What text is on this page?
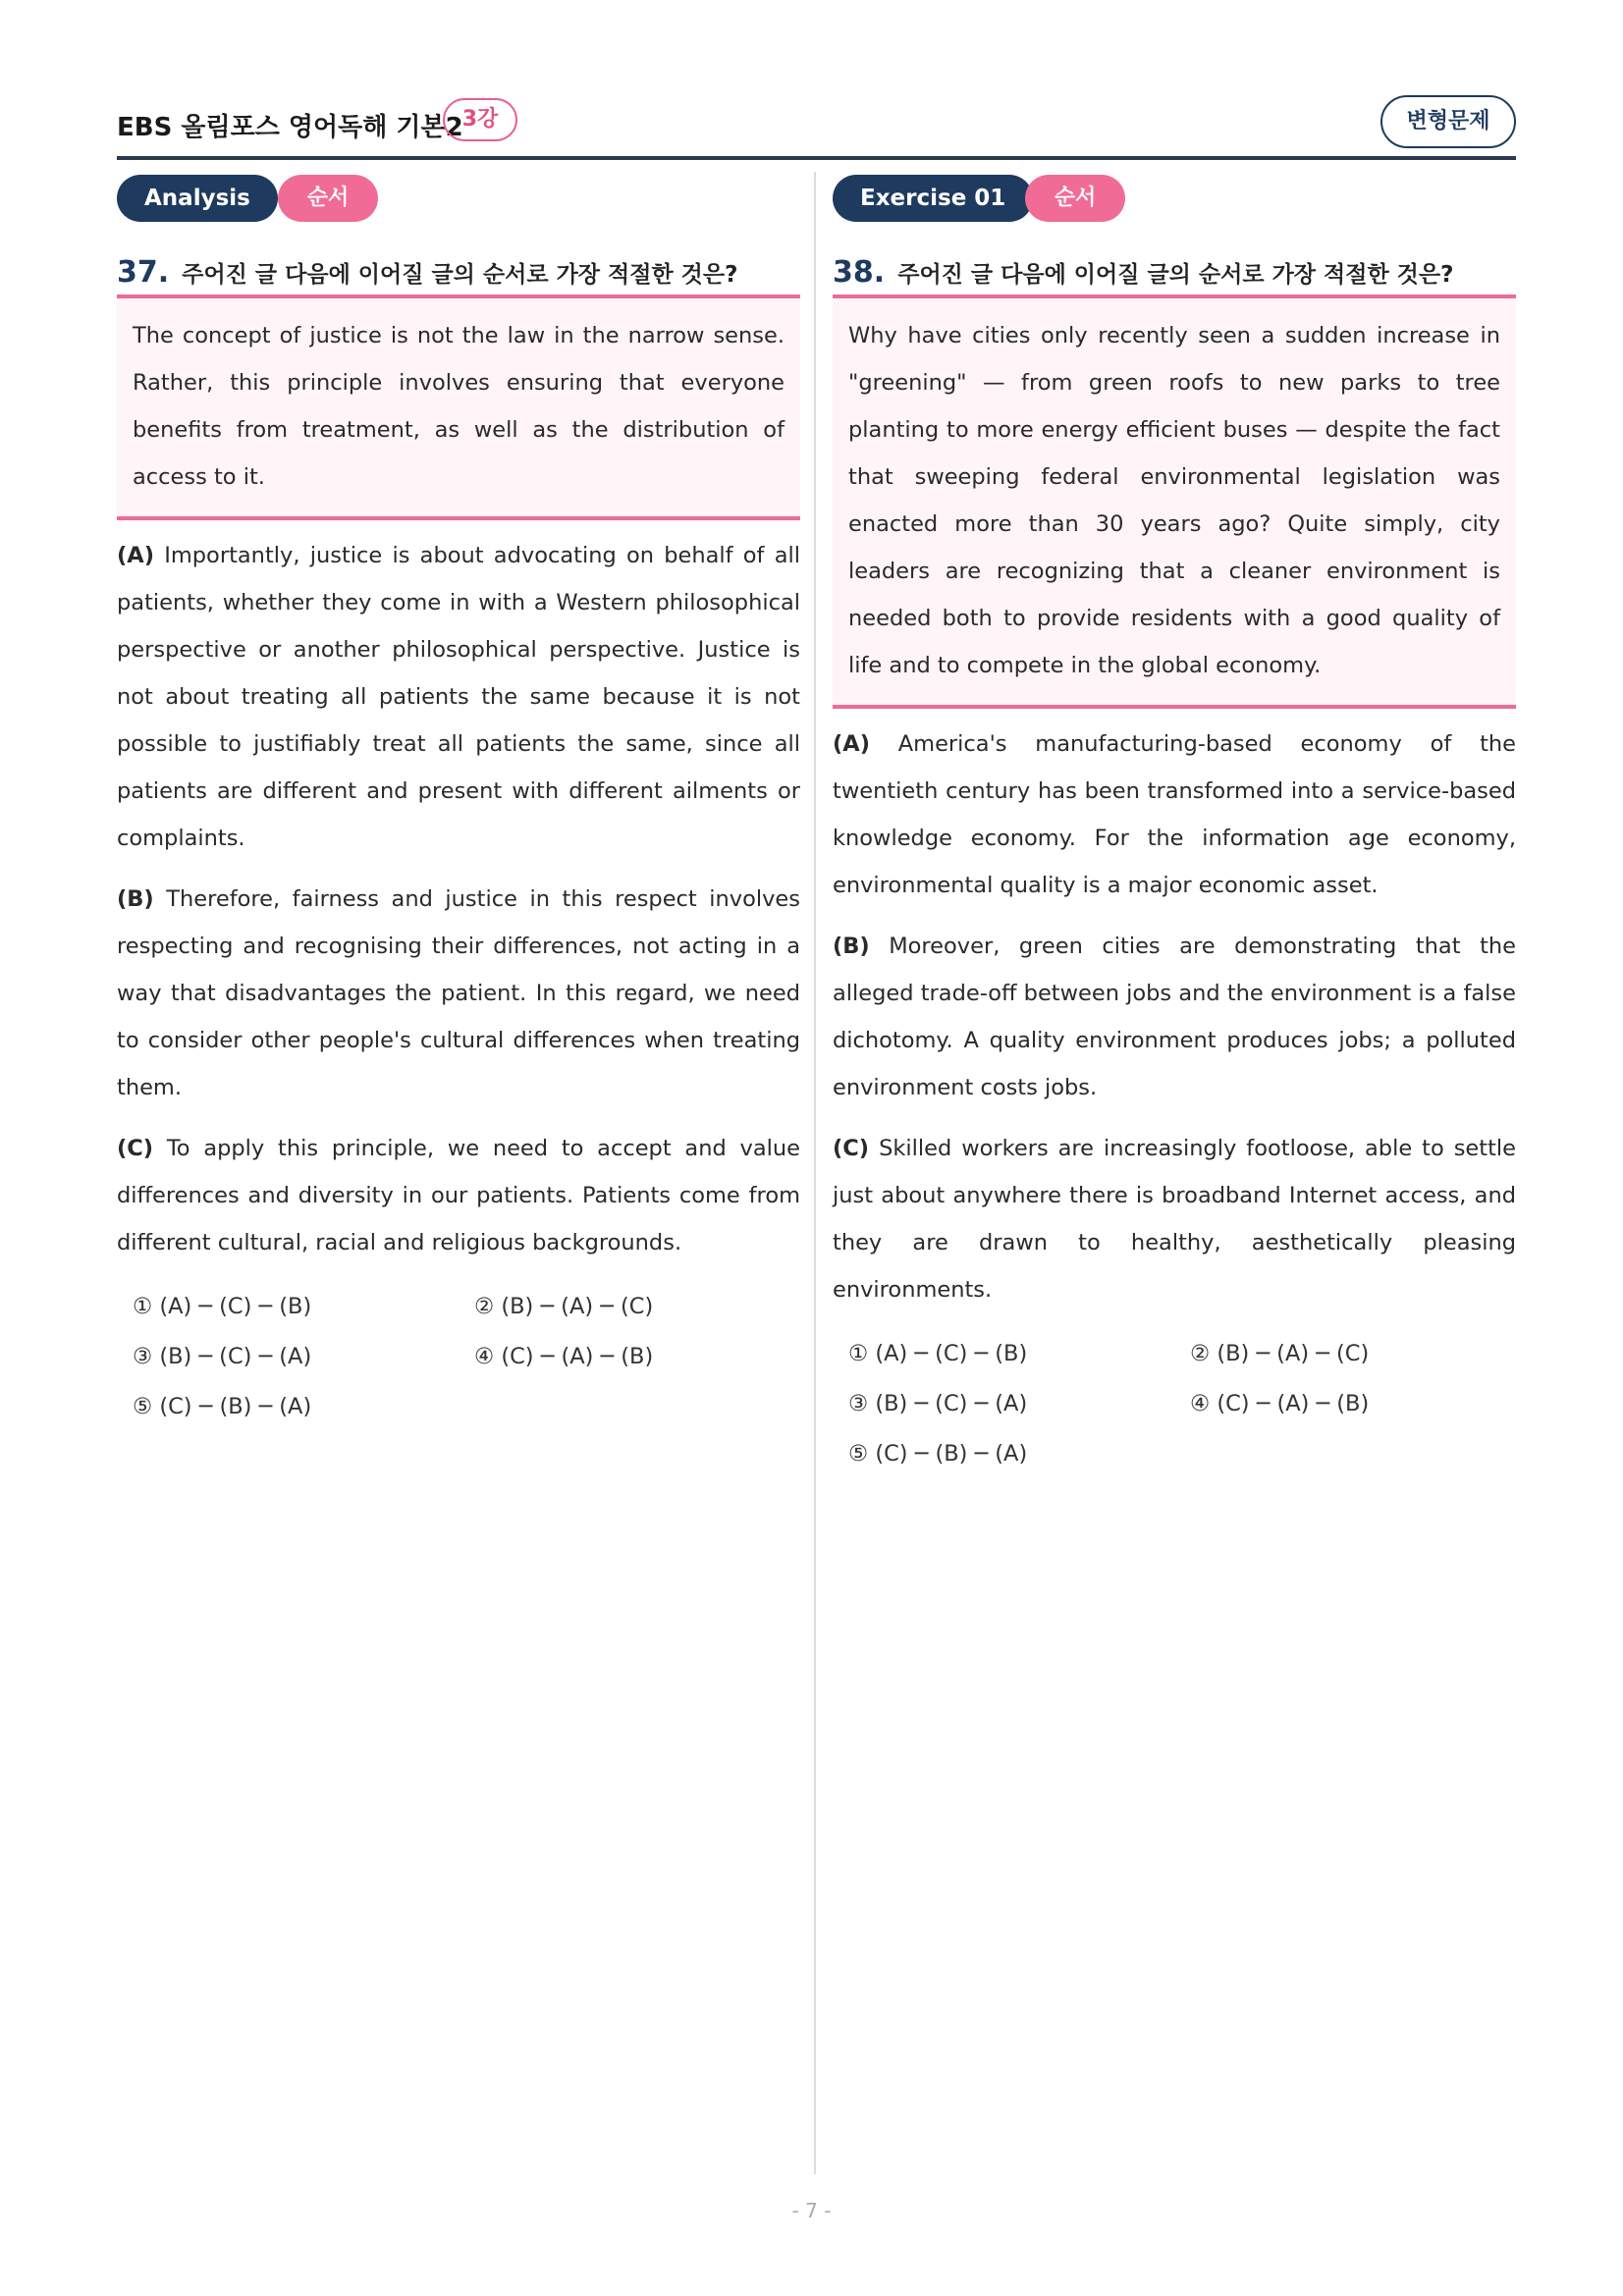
EBS 올림포스 영어독해 기본2 3강	변형문제
Analysis	순서
37. 주어진 글 다음에 이어질 글의 순서로 가장 적절한 것은?

The concept of justice is not the law in the narrow sense. Rather, this principle involves ensuring that everyone benefits from treatment, as well as the distribution of access to it.

(A) Importantly, justice is about advocating on behalf of all patients, whether they come in with a Western philosophical perspective or another philosophical perspective. Justice is not about treating all patients the same because it is not possible to justifiably treat all patients the same, since all patients are different and present with different ailments or complaints.

(B) Therefore, fairness and justice in this respect involves respecting and recognising their differences, not acting in a way that disadvantages the patient. In this regard, we need to consider other people's cultural differences when treating them.

(C) To apply this principle, we need to accept and value differences and diversity in our patients. Patients come from different cultural, racial and religious backgrounds.

① (A) ─ (C) ─ (B)	② (B) ─ (A) ─ (C)
③ (B) ─ (C) ─ (A)	④ (C) ─ (A) ─ (B)
⑤ (C) ─ (B) ─ (A)
Exercise 01	순서
38. 주어진 글 다음에 이어질 글의 순서로 가장 적절한 것은?

Why have cities only recently seen a sudden increase in "greening" — from green roofs to new parks to tree planting to more energy efficient buses — despite the fact that sweeping federal environmental legislation was enacted more than 30 years ago? Quite simply, city leaders are recognizing that a cleaner environment is needed both to provide residents with a good quality of life and to compete in the global economy.

(A) America's manufacturing-based economy of the twentieth century has been transformed into a service-based knowledge economy. For the information age economy, environmental quality is a major economic asset.

(B) Moreover, green cities are demonstrating that the alleged trade-off between jobs and the environment is a false dichotomy. A quality environment produces jobs; a polluted environment costs jobs.

(C) Skilled workers are increasingly footloose, able to settle just about anywhere there is broadband Internet access, and they are drawn to healthy, aesthetically pleasing environments.

① (A) ─ (C) ─ (B)	② (B) ─ (A) ─ (C)
③ (B) ─ (C) ─ (A)	④ (C) ─ (A) ─ (B)
⑤ (C) ─ (B) ─ (A)
- 7 -
